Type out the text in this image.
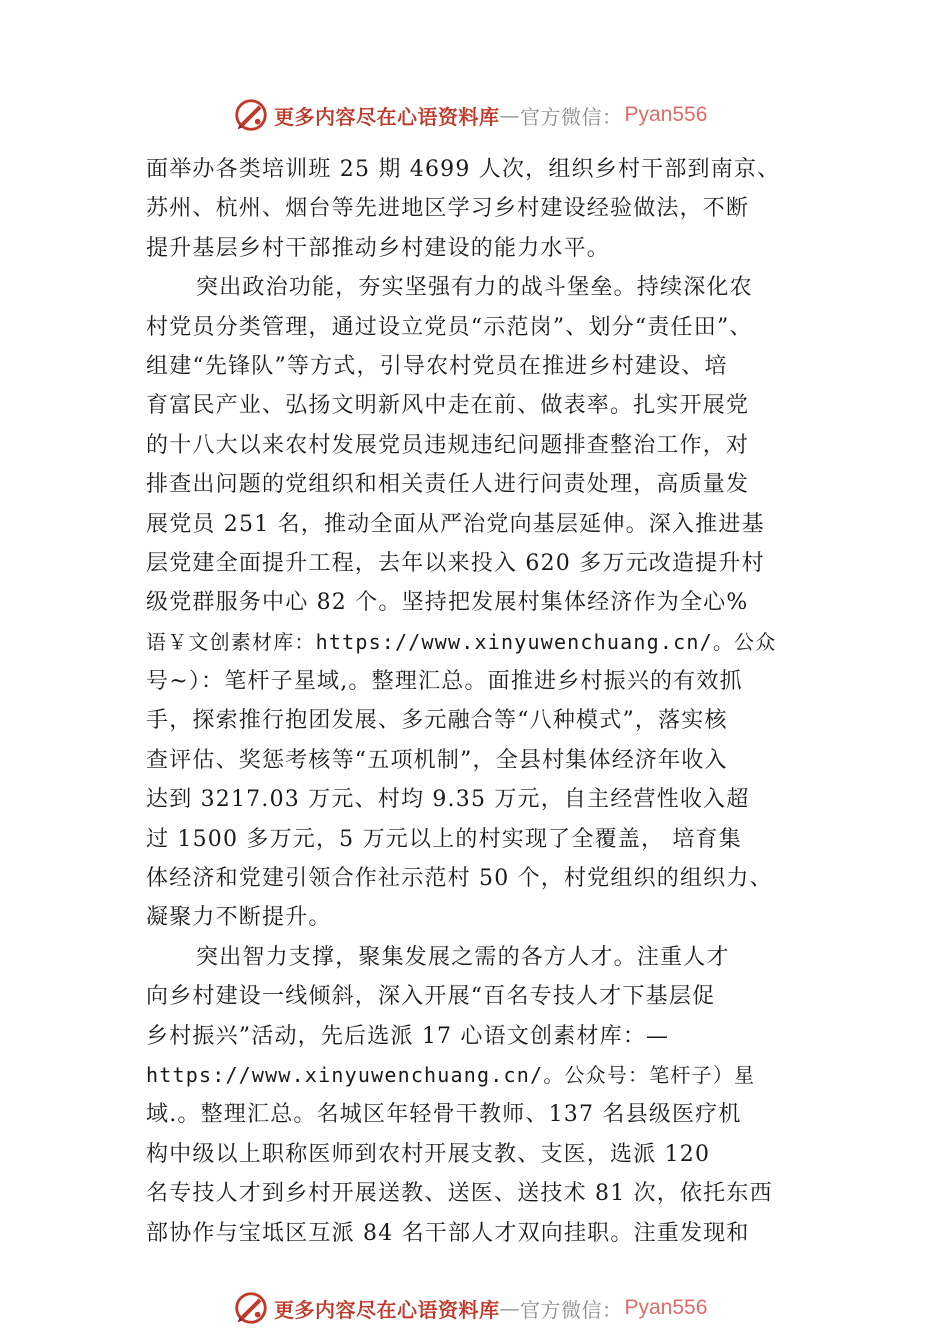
更多内容尽在心语资料库 — 官方微信： Pyan556
面举办各类培训班 25 期 4699 人次，组织乡村干部到南京、
苏州、杭州、烟台等先进地区学习乡村建设经验做法，不断
提升基层乡村干部推动乡村建设的能力水平。
突出政治功能，夯实坚强有力的战斗堡垒。持续深化农
村党员分类管理，通过设立党员“示范岗”、划分“责任田”、
组建“先锋队”等方式，引导农村党员在推进乡村建设、培
育富民产业、弘扬文明新风中走在前、做表率。扎实开展党
的十八大以来农村发展党员违规违纪问题排查整治工作，对
排查出问题的党组织和相关责任人进行问责处理，高质量发
展党员 251 名，推动全面从严治党向基层延伸。深入推进基
层党建全面提升工程，去年以来投入 620 多万元改造提升村
级党群服务中心 82 个。坚持把发展村集体经济作为全心%
语￥文创素材库：https://www.xinyuwenchuang.cn/。公众
号~）：笔杆子星域,。整理汇总。面推进乡村振兴的有效抓
手，探索推行抱团发展、多元融合等“八种模式”，落实核
查评估、奖惩考核等“五项机制”，全县村集体经济年收入
达到 3217.03 万元、村均 9.35 万元，自主经营性收入超
过 1500 多万元，5 万元以上的村实现了全覆盖， 培育集
体经济和党建引领合作社示范村 50 个，村党组织的组织力、
凝聚力不断提升。
突出智力支撑，聚集发展之需的各方人才。注重人才
向乡村建设一线倾斜，深入开展“百名专技人才下基层促
乡村振兴”活动，先后选派 17 心语文创素材库：—
https://www.xinyuwenchuang.cn/。公众号：笔杆子）星
域.。整理汇总。名城区年轻骨干教师、137 名县级医疗机
构中级以上职称医师到农村开展支教、支医，选派 120
名专技人才到乡村开展送教、送医、送技术 81 次，依托东西
部协作与宝坻区互派 84 名干部人才双向挂职。注重发现和
更多内容尽在心语资料库 — 官方微信： Pyan556
